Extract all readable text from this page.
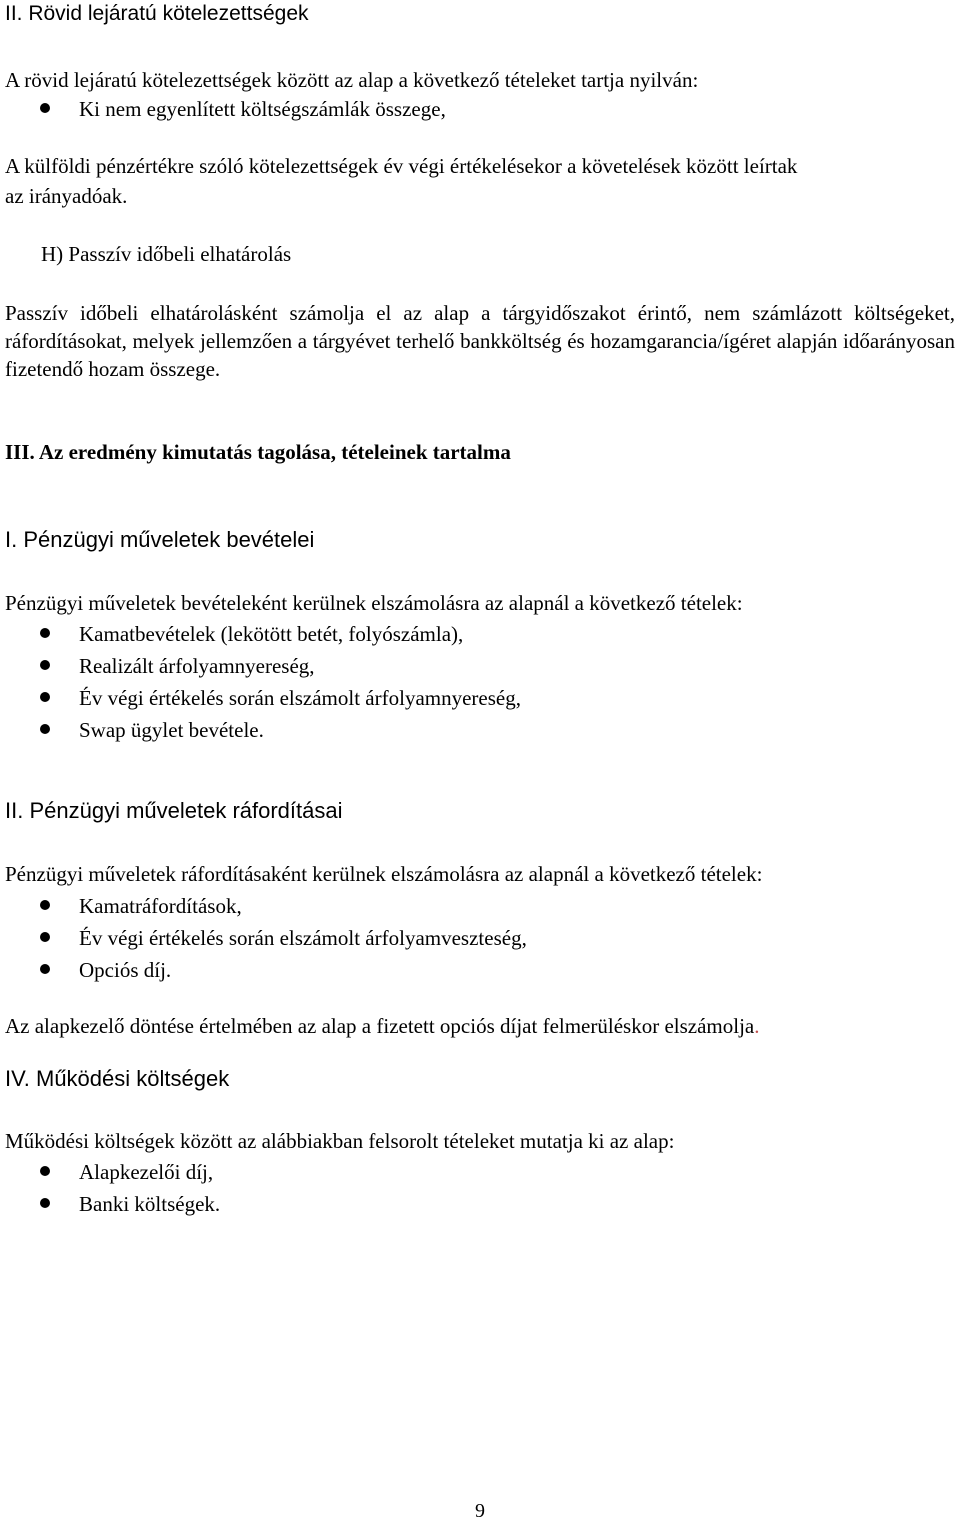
II. Rövid lejáratú kötelezettségek
A rövid lejáratú kötelezettségek között az alap a következő tételeket tartja nyilván:
Ki nem egyenlített költségszámlák összege,
A külföldi pénzértékre szóló kötelezettségek év végi értékelésekor a követelések között leírtak
az irányadóak.
H) Passzív időbeli elhatárolás
Passzív időbeli elhatárolásként számolja el az alap a tárgyidőszakot érintő, nem számlázott költségeket, ráfordításokat, melyek jellemzően a tárgyévet terhelő bankköltség és hozamgarancia/ígéret alapján időarányosan fizetendő hozam összege.
III. Az eredmény kimutatás tagolása, tételeinek tartalma
I. Pénzügyi műveletek bevételei
Pénzügyi műveletek bevételeként kerülnek elszámolásra az alapnál a következő tételek:
Kamatbevételek (lekötött betét, folyószámla),
Realizált árfolyamnyereség,
Év végi értékelés során elszámolt árfolyamnyereség,
Swap ügylet bevétele.
II. Pénzügyi műveletek ráfordításai
Pénzügyi műveletek ráfordításaként kerülnek elszámolásra az alapnál a következő tételek:
Kamatráfordítások,
Év végi értékelés során elszámolt árfolyamveszteség,
Opciós díj.
Az alapkezelő döntése értelmében az alap a fizetett opciós díjat felmerüléskor elszámolja.
IV. Működési költségek
Működési költségek között az alábbiakban felsorolt tételeket mutatja ki az alap:
Alapkezelői díj,
Banki költségek.
9
